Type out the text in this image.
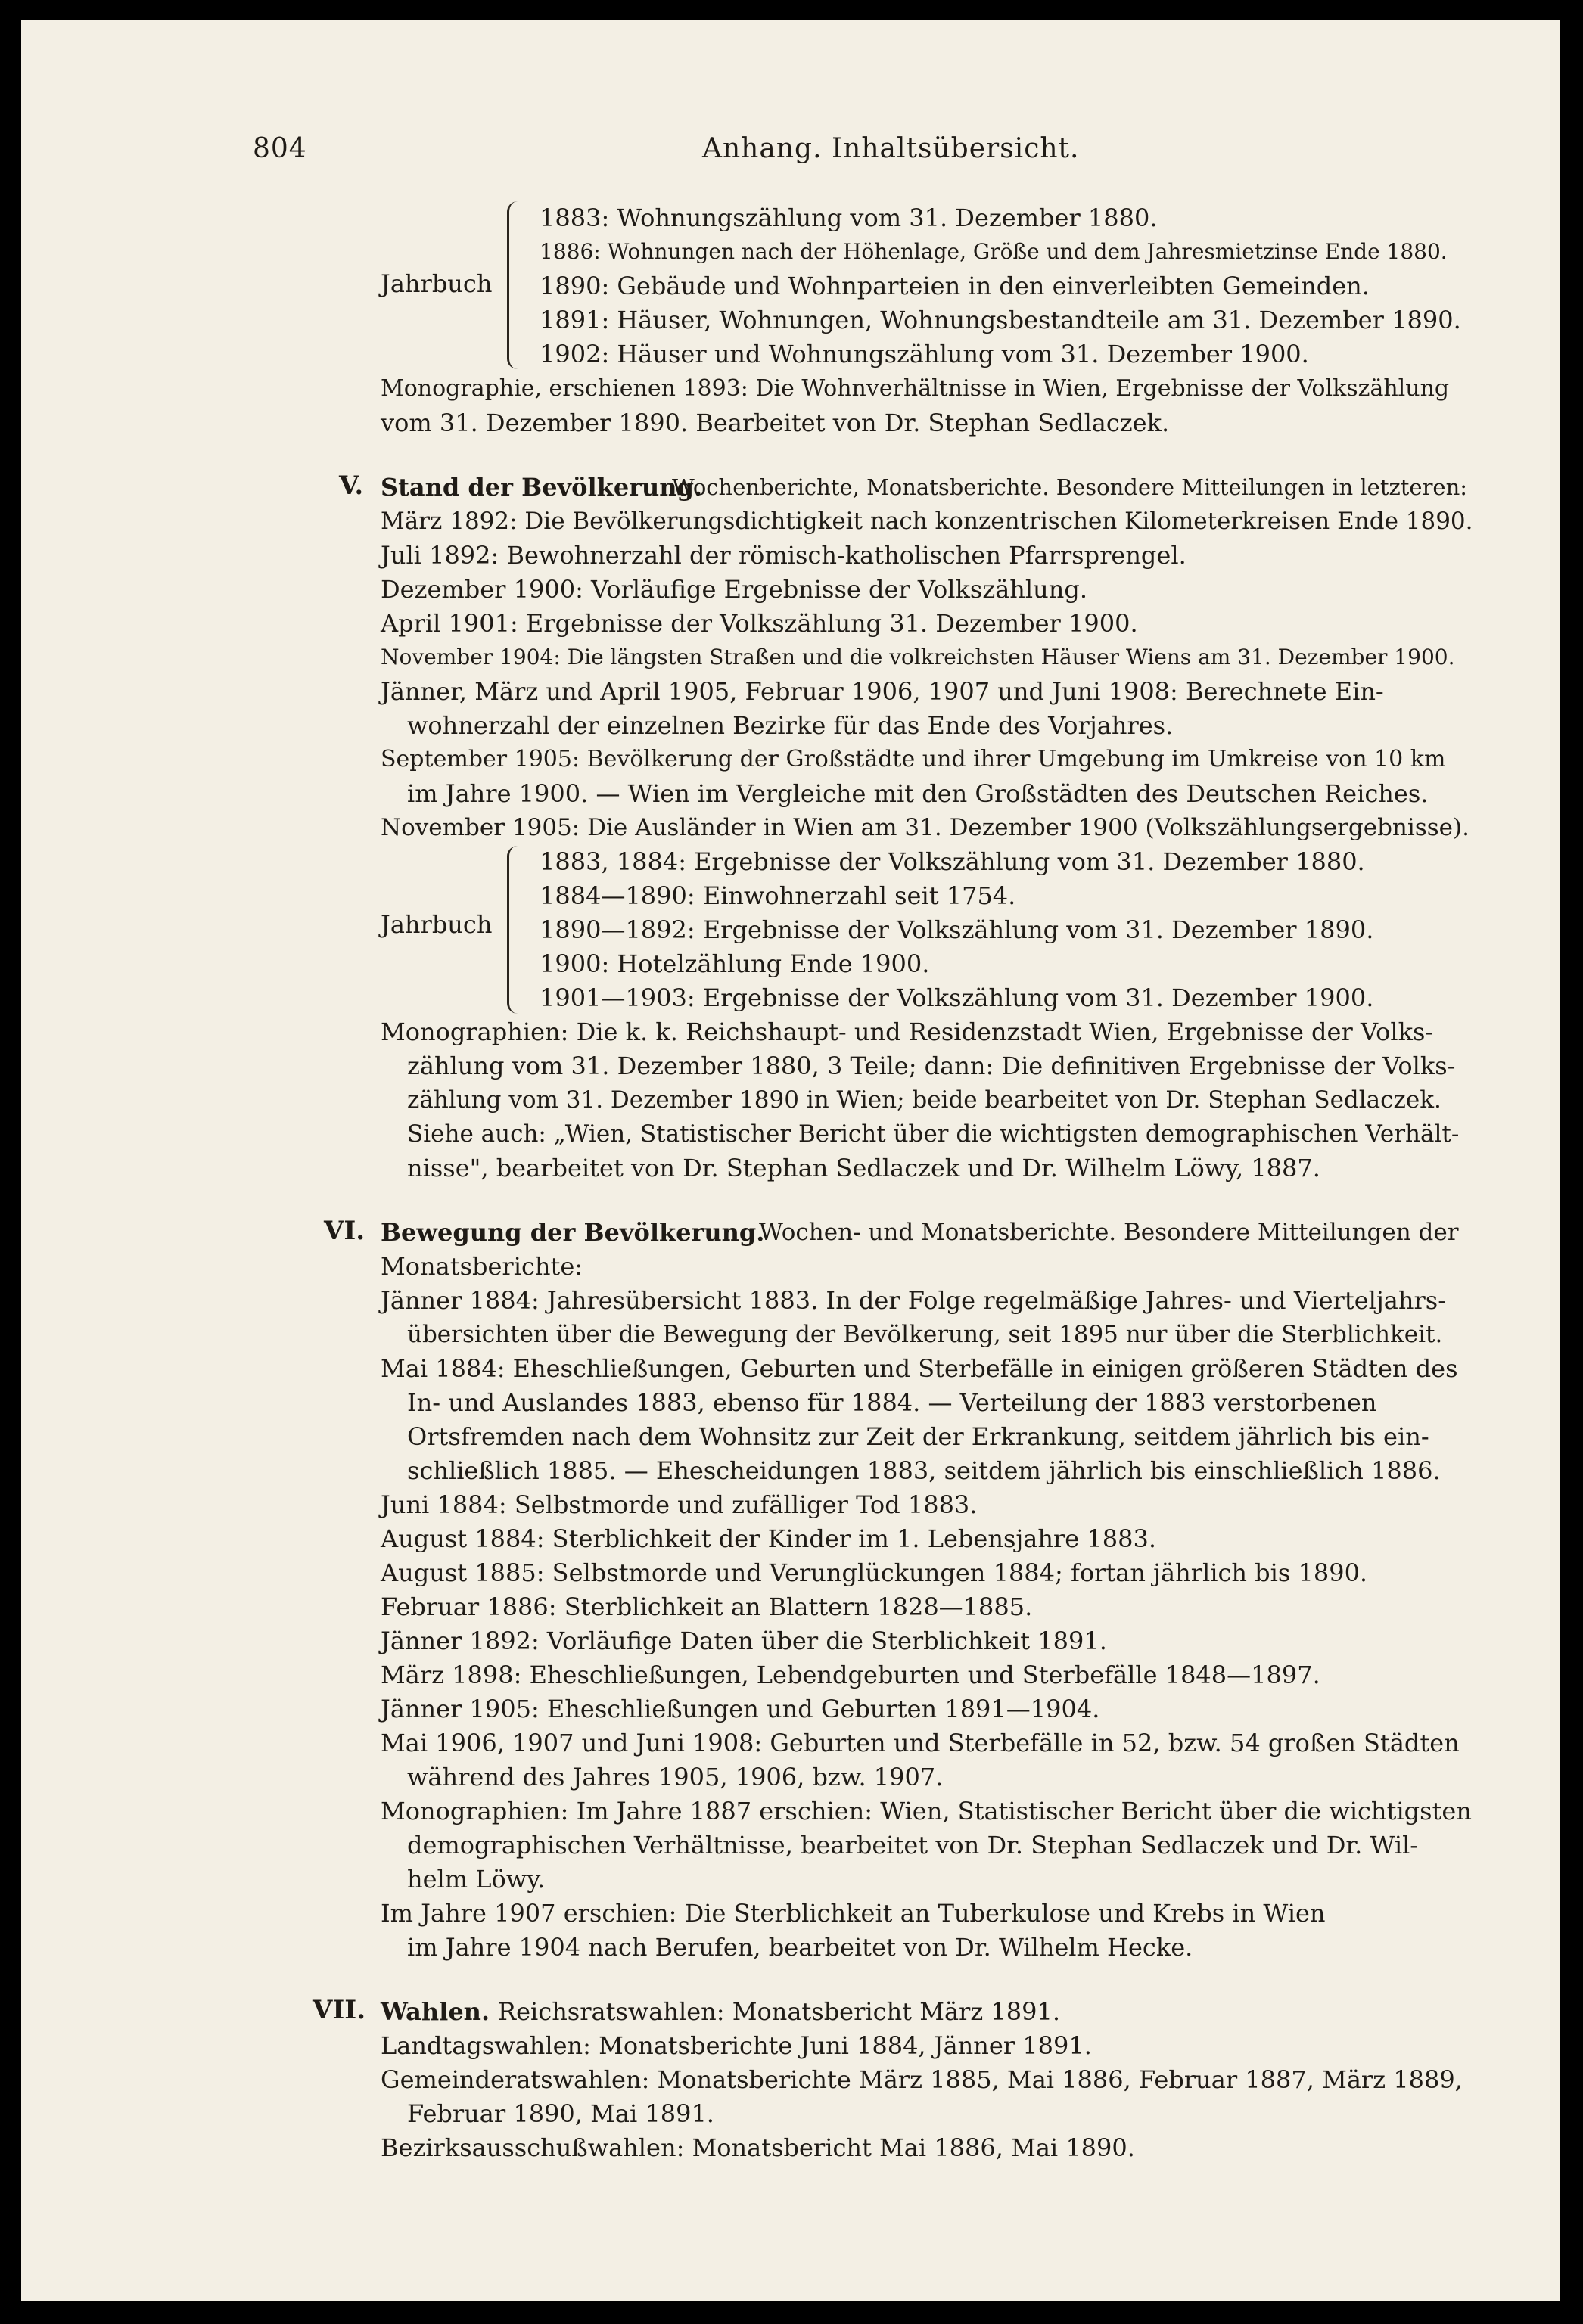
804	Anhang. Inhaltsübersicht.
Jahrbuch
1883: Wohnungszählung vom 31. Dezember 1880.
1886: Wohnungen nach der Höhenlage, Größe und dem Jahresmietzinse Ende 1880.
1890: Gebäude und Wohnparteien in den einverleibten Gemeinden.
1891: Häuser, Wohnungen, Wohnungsbestandteile am 31. Dezember 1890.
1902: Häuser und Wohnungszählung vom 31. Dezember 1900.
Monographie, erschienen 1893: Die Wohnverhältnisse in Wien, Ergebnisse der Volkszählung
vom 31. Dezember 1890. Bearbeitet von Dr. Stephan Sedlaczek.
V. Stand der Bevölkerung.
Wochenberichte, Monatsberichte. Besondere Mitteilungen in letzteren:
März 1892: Die Bevölkerungsdichtigkeit nach konzentrischen Kilometerkreisen Ende 1890.
Juli 1892: Bewohnerzahl der römisch-katholischen Pfarrsprengel.
Dezember 1900: Vorläufige Ergebnisse der Volkszählung.
April 1901: Ergebnisse der Volkszählung 31. Dezember 1900.
November 1904: Die längsten Straßen und die volkreichsten Häuser Wiens am 31. Dezember 1900.
Jänner, März und April 1905, Februar 1906, 1907 und Juni 1908: Berechnete Ein-
wohnerzahl der einzelnen Bezirke für das Ende des Vorjahres.
September 1905: Bevölkerung der Großstädte und ihrer Umgebung im Umkreise von 10 km
im Jahre 1900. — Wien im Vergleiche mit den Großstädten des Deutschen Reiches.
November 1905: Die Ausländer in Wien am 31. Dezember 1900 (Volkszählungsergebnisse).
Jahrbuch
1883, 1884: Ergebnisse der Volkszählung vom 31. Dezember 1880.
1884—1890: Einwohnerzahl seit 1754.
1890—1892: Ergebnisse der Volkszählung vom 31. Dezember 1890.
1900: Hotelzählung Ende 1900.
1901—1903: Ergebnisse der Volkszählung vom 31. Dezember 1900.
Monographien: Die k. k. Reichshaupt- und Residenzstadt Wien, Ergebnisse der Volks-
zählung vom 31. Dezember 1880, 3 Teile; dann: Die definitiven Ergebnisse der Volks-
zählung vom 31. Dezember 1890 in Wien; beide bearbeitet von Dr. Stephan Sedlaczek.
Siehe auch: „Wien, Statistischer Bericht über die wichtigsten demographischen Verhält-
nisse", bearbeitet von Dr. Stephan Sedlaczek und Dr. Wilhelm Löwy, 1887.
VI. Bewegung der Bevölkerung.
Wochen- und Monatsberichte. Besondere Mitteilungen der
Monatsberichte:
Jänner 1884: Jahresübersicht 1883. In der Folge regelmäßige Jahres- und Vierteljahrs-
übersichten über die Bewegung der Bevölkerung, seit 1895 nur über die Sterblichkeit.
Mai 1884: Eheschließungen, Geburten und Sterbefälle in einigen größeren Städten des
In- und Auslandes 1883, ebenso für 1884. — Verteilung der 1883 verstorbenen
Ortsfremden nach dem Wohnsitz zur Zeit der Erkrankung, seitdem jährlich bis ein-
schließlich 1885. — Ehescheidungen 1883, seitdem jährlich bis einschließlich 1886.
Juni 1884: Selbstmorde und zufälliger Tod 1883.
August 1884: Sterblichkeit der Kinder im 1. Lebensjahre 1883.
August 1885: Selbstmorde und Verunglückungen 1884; fortan jährlich bis 1890.
Februar 1886: Sterblichkeit an Blattern 1828—1885.
Jänner 1892: Vorläufige Daten über die Sterblichkeit 1891.
März 1898: Eheschließungen, Lebendgeburten und Sterbefälle 1848—1897.
Jänner 1905: Eheschließungen und Geburten 1891—1904.
Mai 1906, 1907 und Juni 1908: Geburten und Sterbefälle in 52, bzw. 54 großen Städten
während des Jahres 1905, 1906, bzw. 1907.
Monographien: Im Jahre 1887 erschien: Wien, Statistischer Bericht über die wichtigsten
demographischen Verhältnisse, bearbeitet von Dr. Stephan Sedlaczek und Dr. Wil-
helm Löwy.
Im Jahre 1907 erschien: Die Sterblichkeit an Tuberkulose und Krebs in Wien
im Jahre 1904 nach Berufen, bearbeitet von Dr. Wilhelm Hecke.
VII. Wahlen. Reichsratswahlen: Monatsbericht März 1891.
Landtagswahlen: Monatsberichte Juni 1884, Jänner 1891.
Gemeinderatswahlen: Monatsberichte März 1885, Mai 1886, Februar 1887, März 1889,
Februar 1890, Mai 1891.
Bezirksausschußwahlen: Monatsbericht Mai 1886, Mai 1890.
